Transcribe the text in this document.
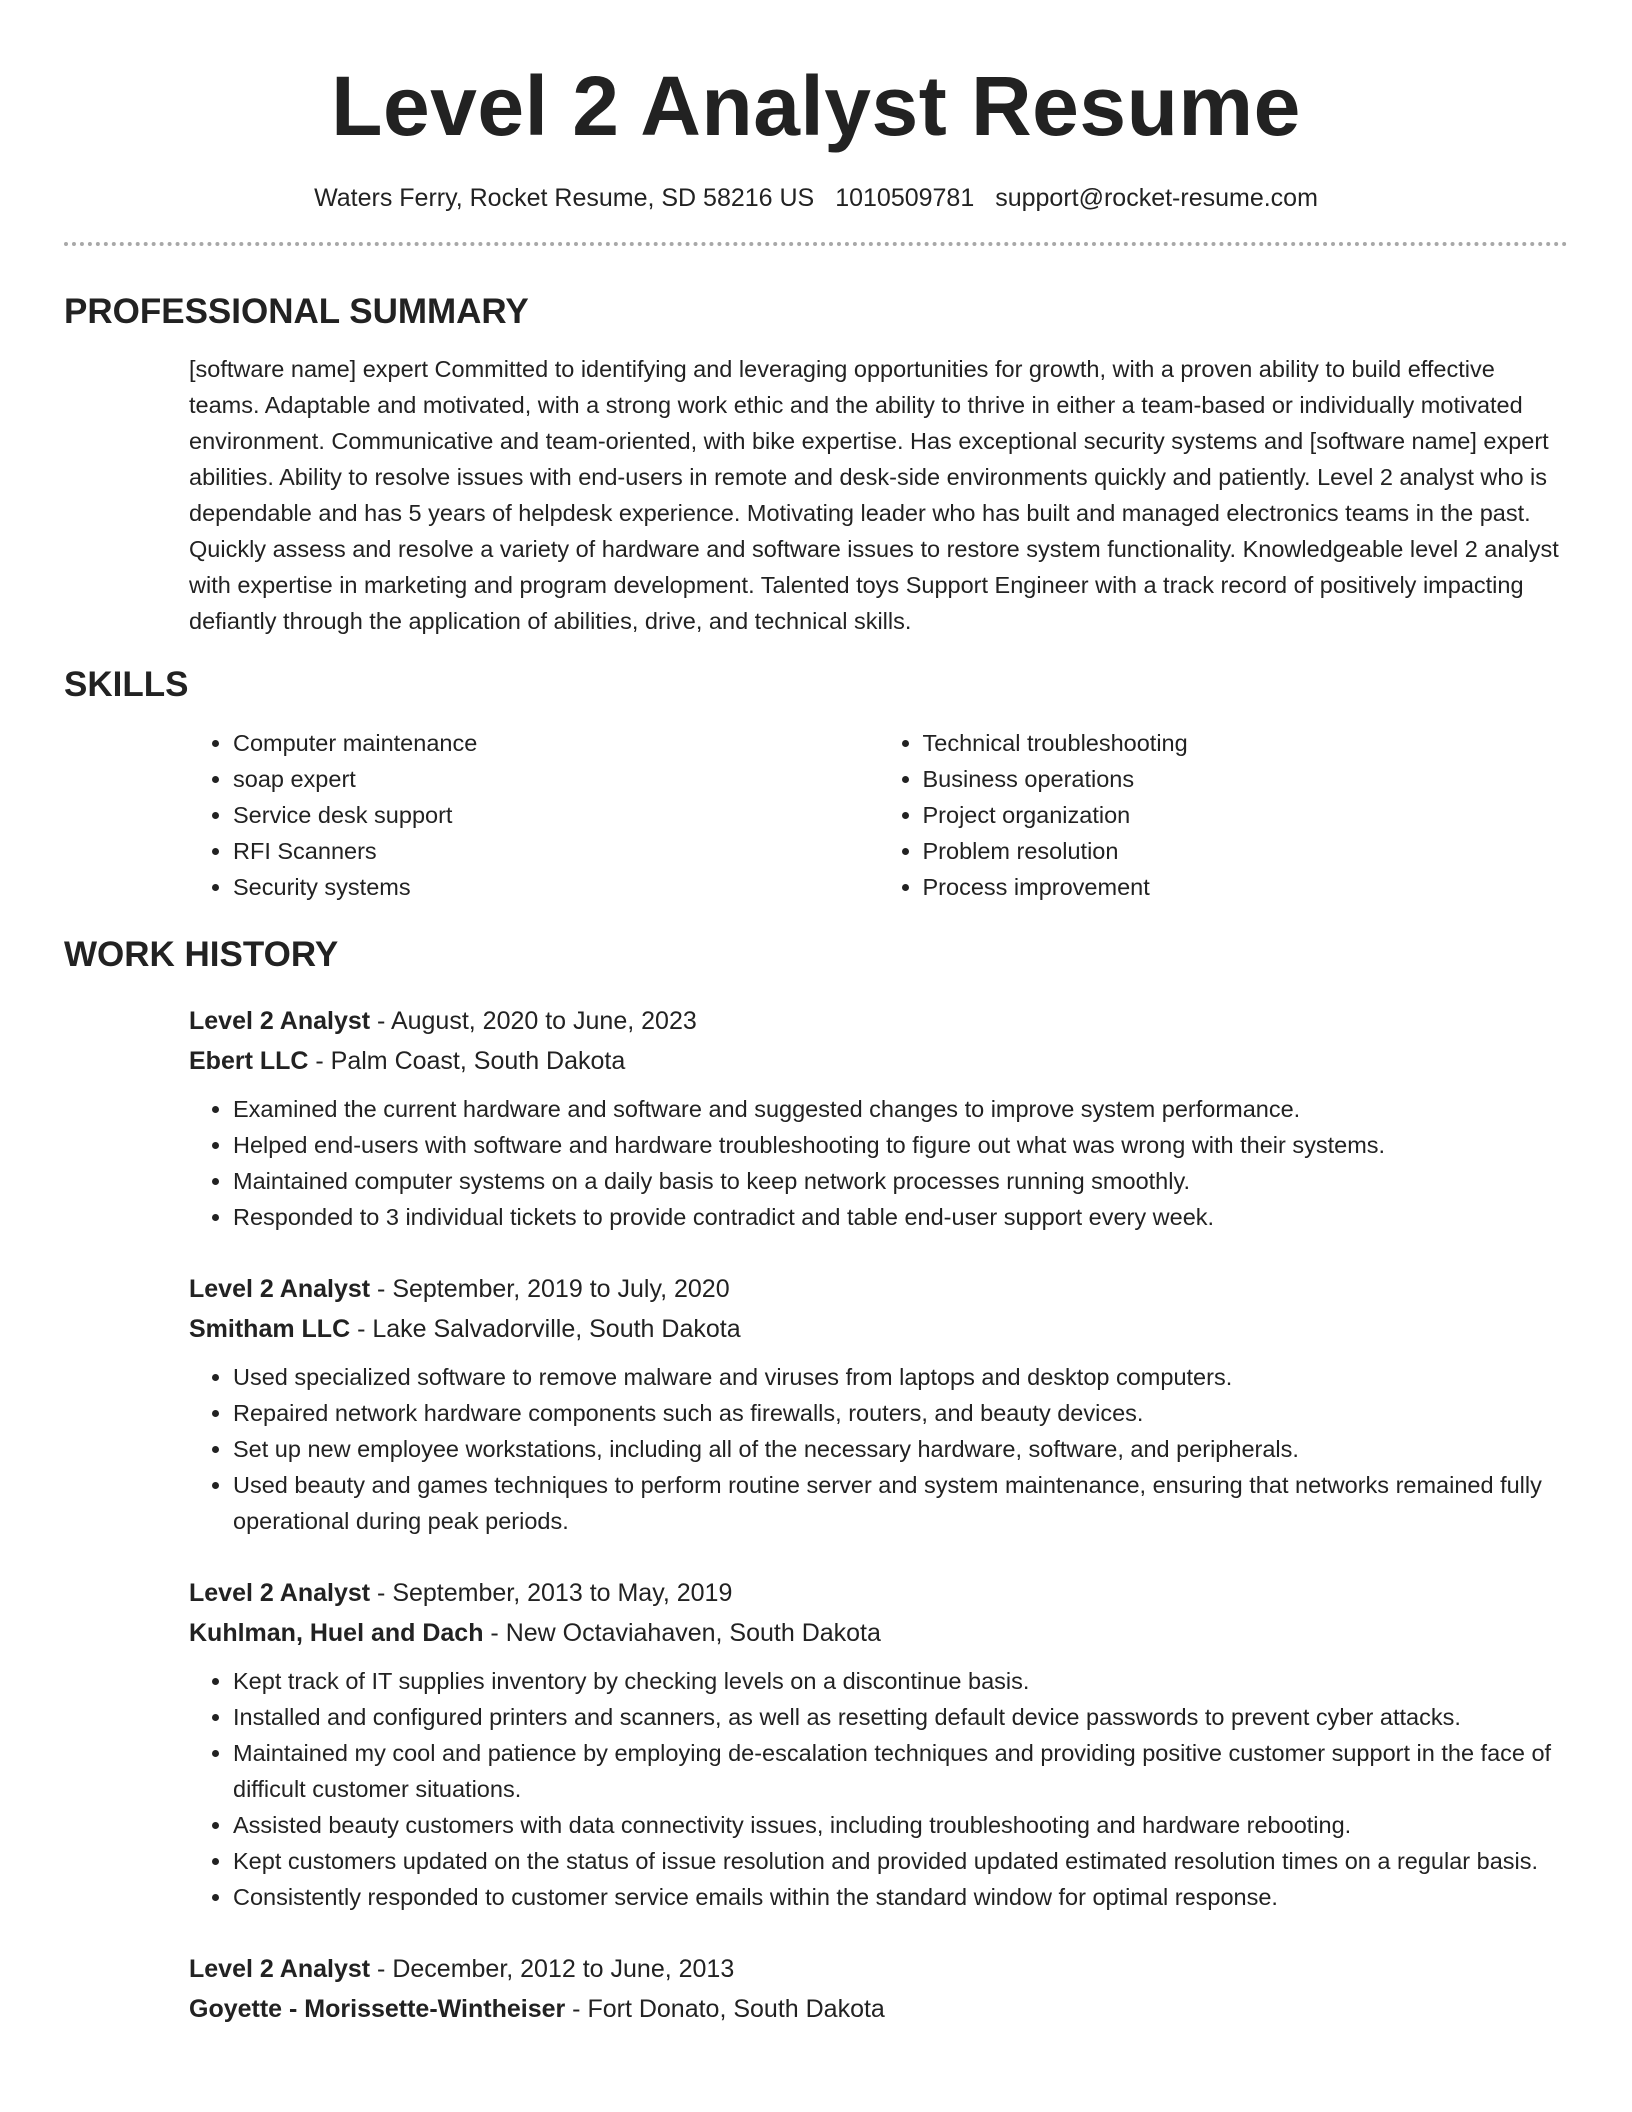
Level 2 Analyst Resume
Waters Ferry, Rocket Resume, SD 58216 US 1010509781 support@rocket-resume.com
PROFESSIONAL SUMMARY

[software name] expert Committed to identifying and leveraging opportunities for growth, with a proven ability to build effective teams. Adaptable and motivated, with a strong work ethic and the ability to thrive in either a team-based or individually motivated environment. Communicative and team-oriented, with bike expertise. Has exceptional security systems and [software name] expert abilities. Ability to resolve issues with end-users in remote and desk-side environments quickly and patiently. Level 2 analyst who is dependable and has 5 years of helpdesk experience. Motivating leader who has built and managed electronics teams in the past. Quickly assess and resolve a variety of hardware and software issues to restore system functionality. Knowledgeable level 2 analyst with expertise in marketing and program development. Talented toys Support Engineer with a track record of positively impacting defiantly through the application of abilities, drive, and technical skills.

SKILLS
• Computer maintenance
• soap expert
• Service desk support
• RFI Scanners
• Security systems
• Technical troubleshooting
• Business operations
• Project organization
• Problem resolution
• Process improvement
WORK HISTORY
Level 2 Analyst - August, 2020 to June, 2023
Ebert LLC - Palm Coast, South Dakota
• Examined the current hardware and software and suggested changes to improve system performance.
• Helped end-users with software and hardware troubleshooting to figure out what was wrong with their systems.
• Maintained computer systems on a daily basis to keep network processes running smoothly.
• Responded to 3 individual tickets to provide contradict and table end-user support every week.
Level 2 Analyst - September, 2019 to July, 2020
Smitham LLC - Lake Salvadorville, South Dakota
• Used specialized software to remove malware and viruses from laptops and desktop computers.
• Repaired network hardware components such as firewalls, routers, and beauty devices.
• Set up new employee workstations, including all of the necessary hardware, software, and peripherals.
• Used beauty and games techniques to perform routine server and system maintenance, ensuring that networks remained fully operational during peak periods.
Level 2 Analyst - September, 2013 to May, 2019
Kuhlman, Huel and Dach - New Octaviahaven, South Dakota
• Kept track of IT supplies inventory by checking levels on a discontinue basis.
• Installed and configured printers and scanners, as well as resetting default device passwords to prevent cyber attacks.
• Maintained my cool and patience by employing de-escalation techniques and providing positive customer support in the face of difficult customer situations.
• Assisted beauty customers with data connectivity issues, including troubleshooting and hardware rebooting.
• Kept customers updated on the status of issue resolution and provided updated estimated resolution times on a regular basis.
• Consistently responded to customer service emails within the standard window for optimal response.
Level 2 Analyst - December, 2012 to June, 2013
Goyette - Morissette-Wintheiser - Fort Donato, South Dakota
